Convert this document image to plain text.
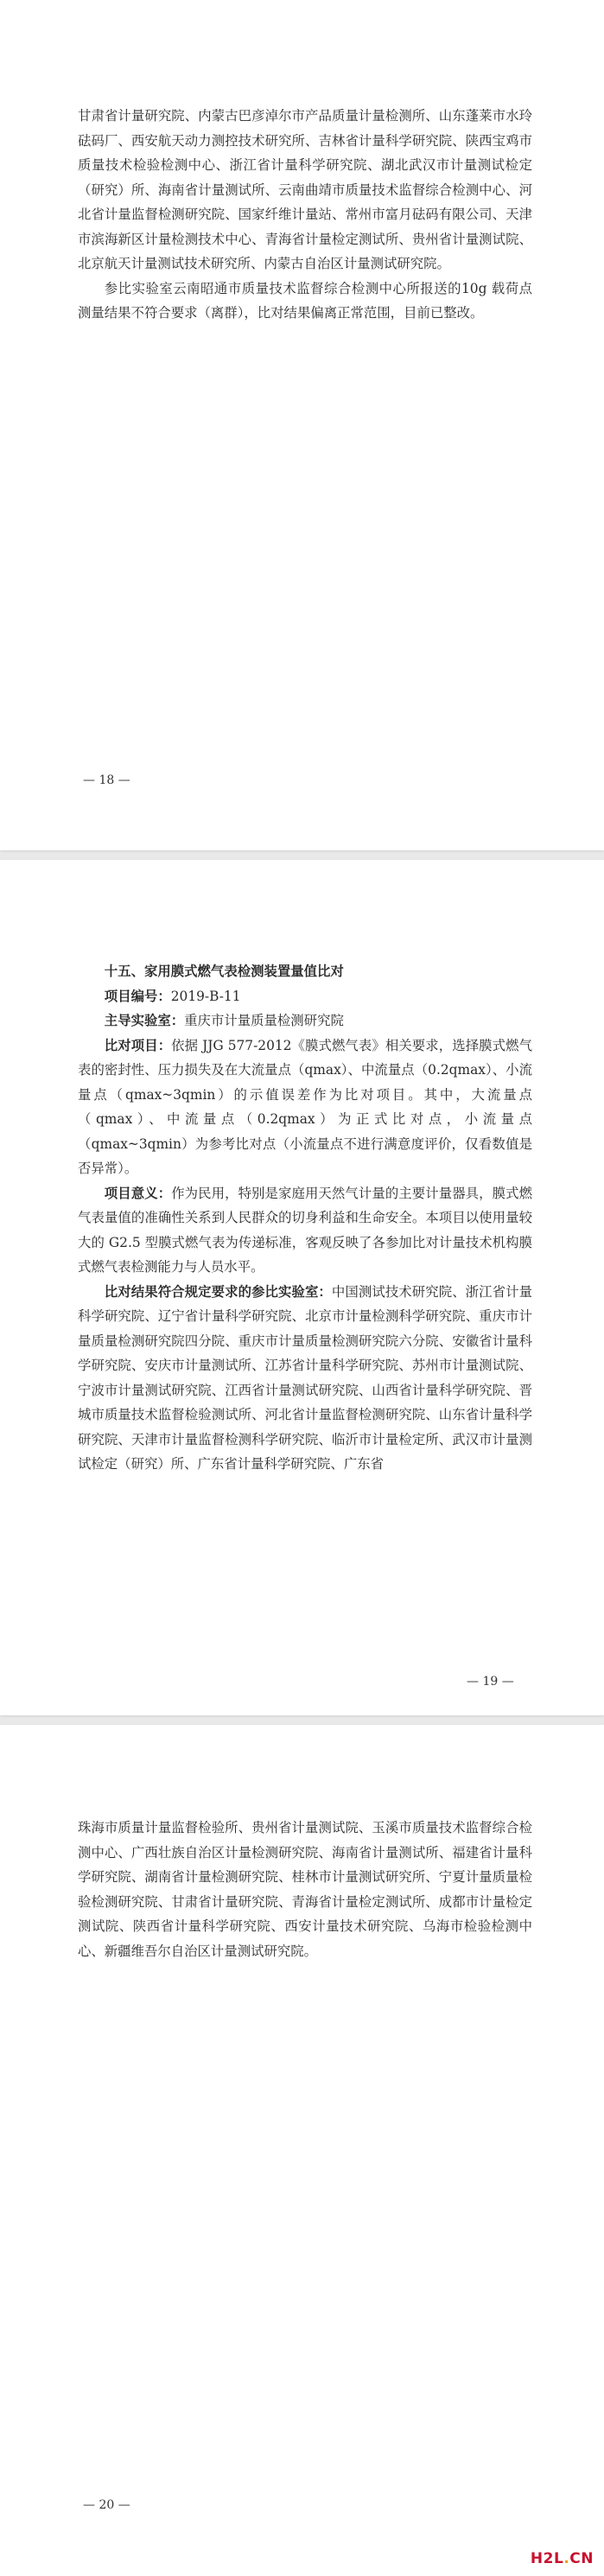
甘肃省计量研究院、内蒙古巴彦淖尔市产品质量计量检测所、山东蓬莱市水玲砝码厂、西安航天动力测控技术研究所、吉林省计量科学研究院、陕西宝鸡市质量技术检验检测中心、浙江省计量科学研究院、湖北武汉市计量测试检定（研究）所、海南省计量测试所、云南曲靖市质量技术监督综合检测中心、河北省计量监督检测研究院、国家纤维计量站、常州市富月砝码有限公司、天津市滨海新区计量检测技术中心、青海省计量检定测试所、贵州省计量测试院、北京航天计量测试技术研究所、内蒙古自治区计量测试研究院。

参比实验室云南昭通市质量技术监督综合检测中心所报送的10g 载荷点测量结果不符合要求（离群），比对结果偏离正常范围，目前已整改。

— 18 —

十五、家用膜式燃气表检测装置量值比对

项目编号：2019-B-11

主导实验室：重庆市计量质量检测研究院

比对项目：依据 JJG 577-2012《膜式燃气表》相关要求，选择膜式燃气表的密封性、压力损失及在大流量点（qmax）、中流量点（0.2qmax）、小流量点（qmax~3qmin）的示值误差作为比对项目。其中，大流量点（qmax）、中流量点（0.2qmax）为正式比对点，小流量点（qmax~3qmin）为参考比对点（小流量点不进行满意度评价，仅看数值是否异常）。

项目意义：作为民用，特别是家庭用天然气计量的主要计量器具，膜式燃气表量值的准确性关系到人民群众的切身利益和生命安全。本项目以使用量较大的 G2.5 型膜式燃气表为传递标准，客观反映了各参加比对计量技术机构膜式燃气表检测能力与人员水平。

比对结果符合规定要求的参比实验室：中国测试技术研究院、浙江省计量科学研究院、辽宁省计量科学研究院、北京市计量检测科学研究院、重庆市计量质量检测研究院四分院、重庆市计量质量检测研究院六分院、安徽省计量科学研究院、安庆市计量测试所、江苏省计量科学研究院、苏州市计量测试院、宁波市计量测试研究院、江西省计量测试研究院、山西省计量科学研究院、晋城市质量技术监督检验测试所、河北省计量监督检测研究院、山东省计量科学研究院、天津市计量监督检测科学研究院、临沂市计量检定所、武汉市计量测试检定（研究）所、广东省计量科学研究院、广东省

— 19 —

珠海市质量计量监督检验所、贵州省计量测试院、玉溪市质量技术监督综合检测中心、广西壮族自治区计量检测研究院、海南省计量测试所、福建省计量科学研究院、湖南省计量检测研究院、桂林市计量测试研究所、宁夏计量质量检验检测研究院、甘肃省计量研究院、青海省计量检定测试所、成都市计量检定测试院、陕西省计量科学研究院、西安计量技术研究院、乌海市检验检测中心、新疆维吾尔自治区计量测试研究院。

— 20 —
H2L.CN
